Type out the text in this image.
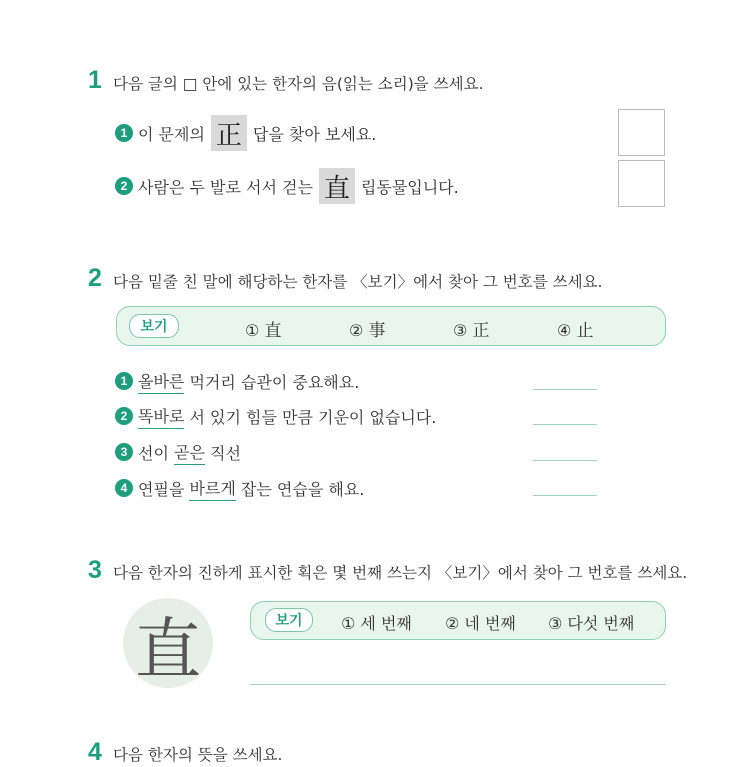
1 다음 글의 □ 안에 있는 한자의 음(읽는 소리)을 쓰세요.
1 이 문제의 正 답을 찾아 보세요.
2 사람은 두 발로 서서 걷는 直 립동물입니다.
2 다음 밑줄 친 말에 해당하는 한자를 〈보기〉에서 찾아 그 번호를 쓰세요.
보기	① 直	② 事	③ 正	④ 止
1 올바른 먹거리 습관이 중요해요.
2 똑바로 서 있기 힘들 만큼 기운이 없습니다.
3 선이 곧은 직선
4 연필을 바르게 잡는 연습을 해요.
3 다음 한자의 진하게 표시한 획은 몇 번째 쓰는지 〈보기〉에서 찾아 그 번호를 쓰세요.
直	보기	① 세 번째 ② 네 번째 ③ 다섯 번째
4 다음 한자의 뜻을 쓰세요.
